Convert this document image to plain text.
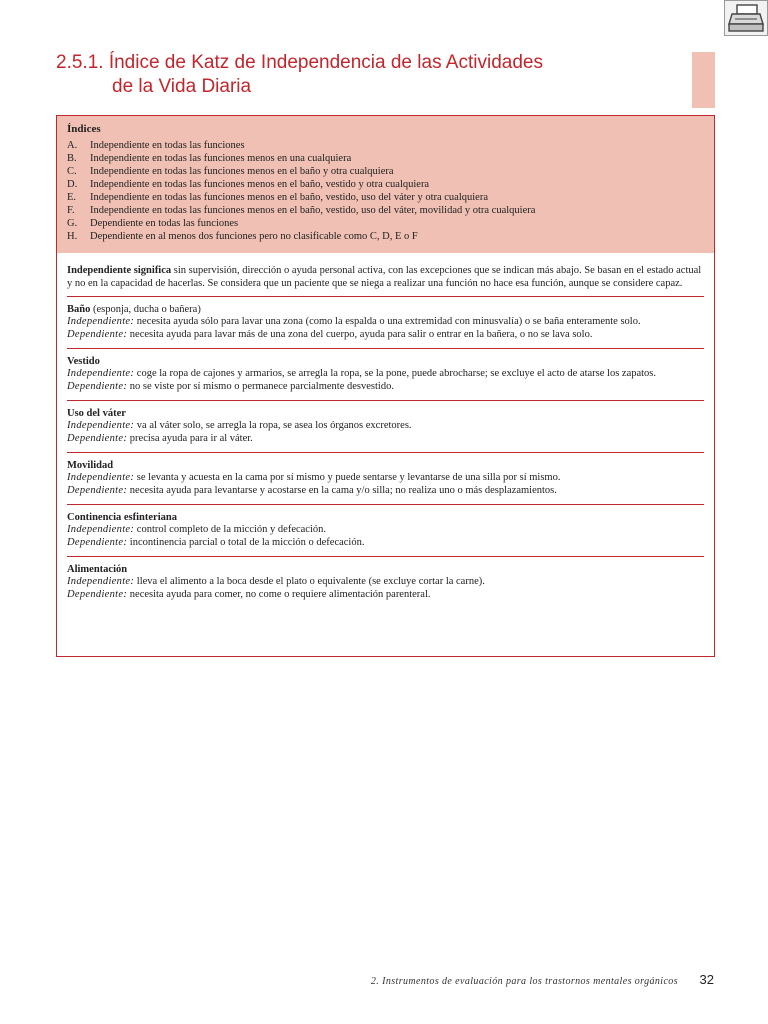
2.5.1. Índice de Katz de Independencia de las Actividades
de la Vida Diaria
Índices
A.	Independiente en todas las funciones
B.	Independiente en todas las funciones menos en una cualquiera
C.	Independiente en todas las funciones menos en el baño y otra cualquiera
D.	Independiente en todas las funciones menos en el baño, vestido y otra cualquiera
E.	Independiente en todas las funciones menos en el baño, vestido, uso del váter y otra cualquiera
F.	Independiente en todas las funciones menos en el baño, vestido, uso del váter, movilidad y otra cualquiera
G.	Dependiente en todas las funciones
H.	Dependiente en al menos dos funciones pero no clasificable como C, D, E o F

Independiente significa sin supervisión, dirección o ayuda personal activa, con las excepciones que se indican más abajo. Se basan en el estado actual y no en la capacidad de hacerlas. Se considera que un paciente que se niega a realizar una función no hace esa función, aunque se considere capaz.

Baño (esponja, ducha o bañera)

Independiente: necesita ayuda sólo para lavar una zona (como la espalda o una extremidad con minusvalía) o se baña enteramente solo.

Dependiente: necesita ayuda para lavar más de una zona del cuerpo, ayuda para salir o entrar en la bañera, o no se lava solo.

Vestido

Independiente: coge la ropa de cajones y armarios, se arregla la ropa, se la pone, puede abrocharse; se excluye el acto de atarse los zapatos.

Dependiente: no se viste por sí mismo o permanece parcialmente desvestido.

Uso del váter

Independiente: va al váter solo, se arregla la ropa, se asea los órganos excretores.

Dependiente: precisa ayuda para ir al váter.

Movilidad

Independiente: se levanta y acuesta en la cama por sí mismo y puede sentarse y levantarse de una silla por sí mismo.

Dependiente: necesita ayuda para levantarse y acostarse en la cama y/o silla; no realiza uno o más desplazamientos.

Continencia esfinteriana

Independiente: control completo de la micción y defecación.

Dependiente: incontinencia parcial o total de la micción o defecación.

Alimentación

Independiente: lleva el alimento a la boca desde el plato o equivalente (se excluye cortar la carne).

Dependiente: necesita ayuda para comer, no come o requiere alimentación parenteral.

2. Instrumentos de evaluación para los trastornos mentales orgánicos	32
